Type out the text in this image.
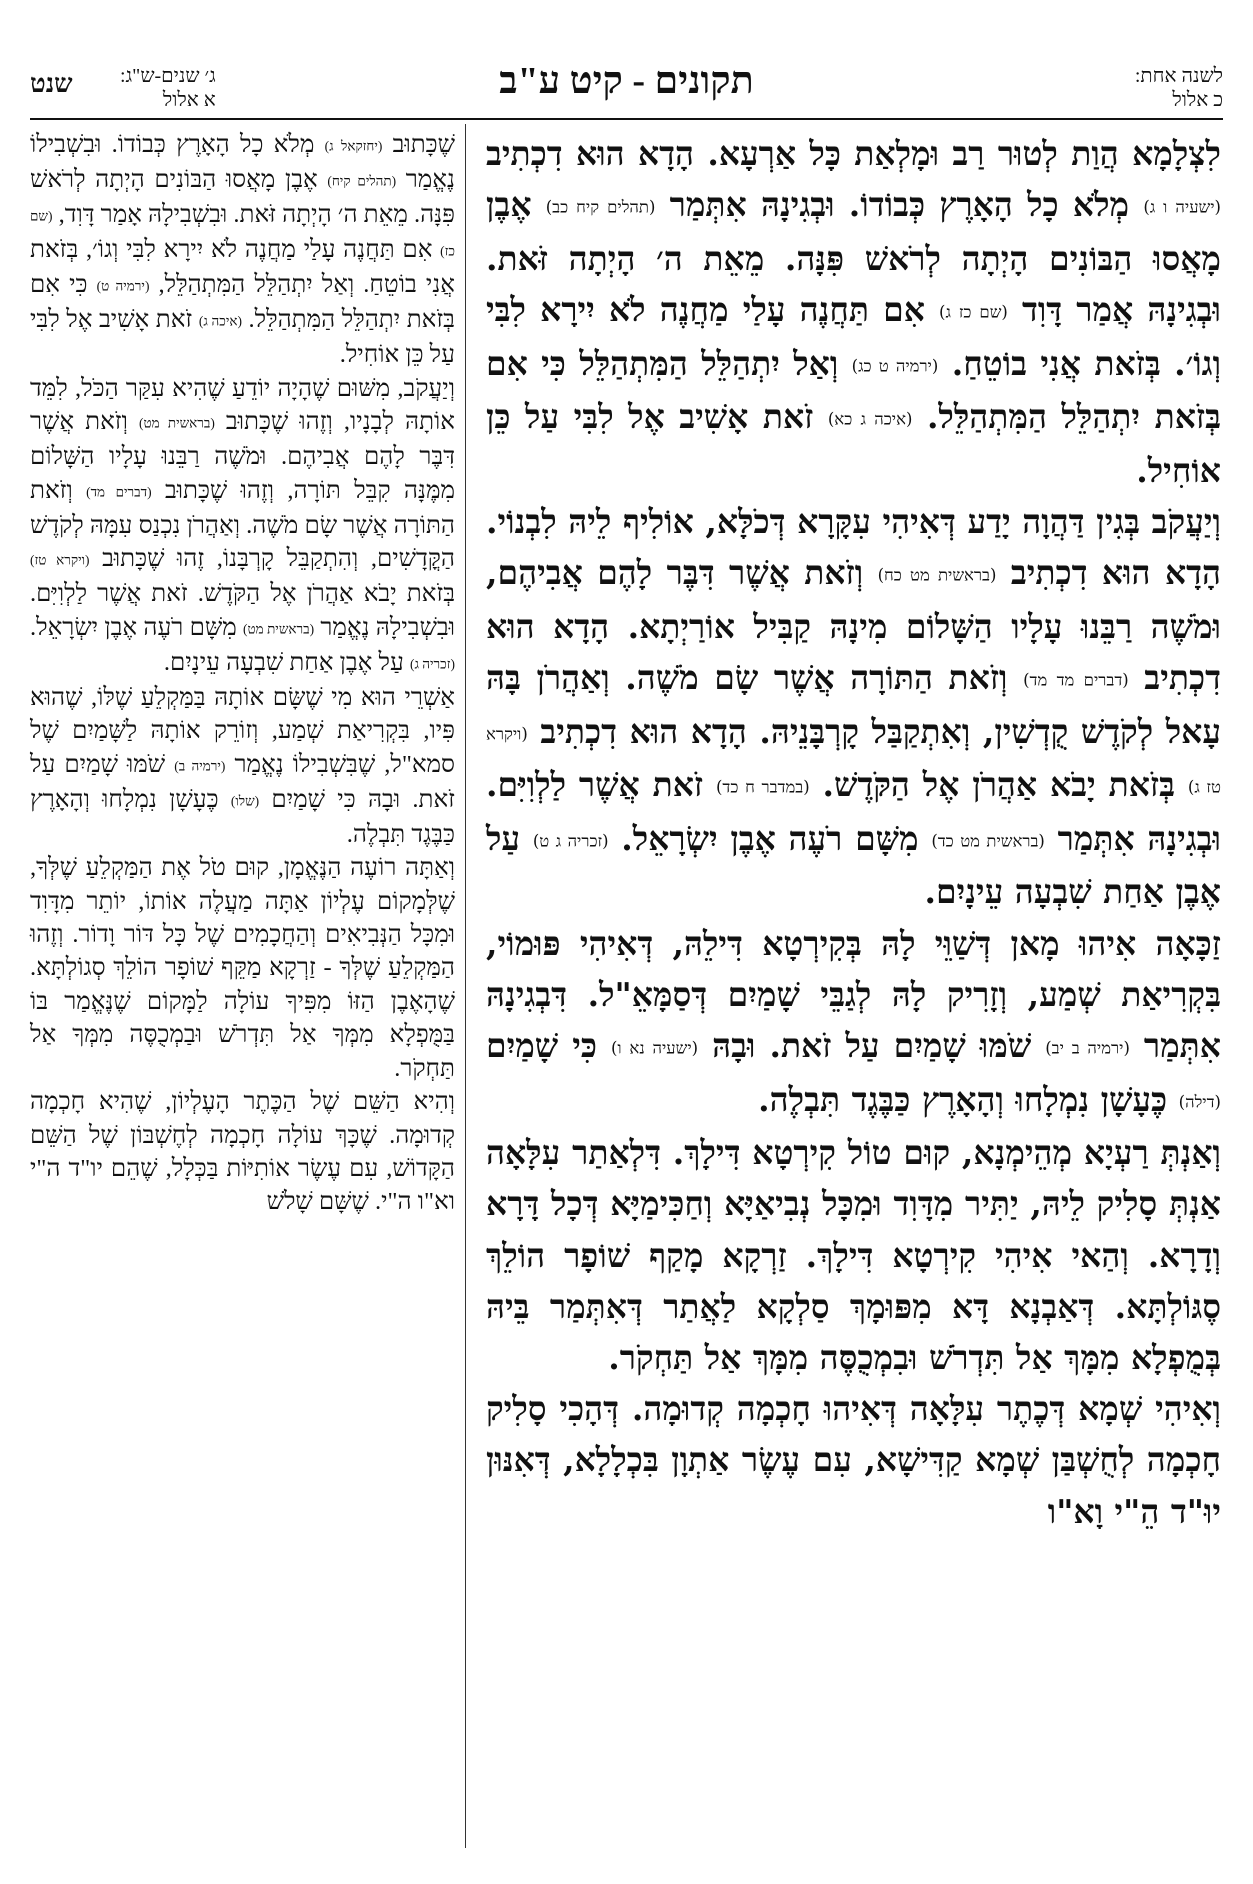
לשנה אחת:
כ אלול
תקונים - קיט ע"ב
ג׳ שנים-ש"ג:
א אלול
שנט

לִצְלָמָא הֲוַת לְטוּר רַב וּמָלְאַת כָּל אַרְעָא. הָדָא הוּא דִכְתִיב (ישעיה ו ג) מְלֹא כָל הָאָרֶץ כְּבוֹדוֹ. וּבְגִינָהּ אִתְּמַר (תהלים קיח כב) אֶבֶן מָאֲסוּ הַבּוֹנִים הָיְתָה לְרֹאשׁ פִּנָּה. מֵאֵת ה׳ הָיְתָה זֹּאת. וּבְגִינָהּ אֲמַר דָּוִד (שם כז ג) אִם תַּחֲנֶה עָלַי מַחֲנֶה לֹא יִירָא לִבִּי וְגוֹ׳. בְּזֹאת אֲנִי בוֹטֵחַ. (ירמיה ט כג) וְאַל יִתְהַלֵּל הַמִּתְהַלֵּל כִּי אִם בְּזֹאת יִתְהַלֵּל הַמִּתְהַלֵּל. (איכה ג כא) זֹאת אָשִׁיב אֶל לִבִּי עַל כֵּן אוֹחִיל.

וְיַעֲקֹב בְּגִין דַּהֲוָה יָדַע דְּאִיהִי עִקָּרָא דְּכֹלָּא, אוֹלִיף לֵיהּ לִבְנוֹי. הָדָא הוּא דִכְתִיב (בראשית מט כח) וְזֹאת אֲשֶׁר דִּבֶּר לָהֶם אֲבִיהֶם, וּמֹשֶׁה רַבֵּנוּ עָלָיו הַשָּׁלוֹם מִינָהּ קַבִּיל אוֹרַיְתָא. הָדָא הוּא דִכְתִיב (דברים מד מד) וְזֹאת הַתּוֹרָה אֲשֶׁר שָׂם מֹשֶׁה. וְאַהֲרֹן בָּהּ עָאל לְקֹדֶשׁ קֻדְשִׁין, וְאִתְקַבַּל קָרְבָּנֵיהּ. הָדָא הוּא דִכְתִיב (ויקרא טז ג) בְּזֹאת יָבֹא אַהֲרֹן אֶל הַקֹּדֶשׁ. (במדבר ח כד) זֹאת אֲשֶׁר לַלְוִיִּם. וּבְגִינָהּ אִתְּמַר (בראשית מט כד) מִשָּׁם רֹעֶה אֶבֶן יִשְׂרָאֵל. (זכריה ג ט) עַל אֶבֶן אַחַת שִׁבְעָה עֵינָיִם.

זַכָּאָה אִיהוּ מָאן דְּשַׁוֵּי לָהּ בְּקִירְטָא דִּילֵהּ, דְּאִיהִי פּוּמוֹי, בִּקְרִיאַת שְׁמַע, וְזָרִיק לָהּ לְגַבֵּי שָׁמַיִם דְּסַמָּאֵ"ל. דִּבְגִינָהּ אִתְּמַר (ירמיה ב יב) שֹׁמּוּ שָׁמַיִם עַל זֹאת. וּבָהּ (ישעיה נא ו) כִּי שָׁמַיִם (דילה) כֶּעָשָׁן נִמְלָחוּ וְהָאָרֶץ כַּבֶּגֶד תִּבְלֶה.

וְאַנְתְּ רַעְיָא מְהֵימְנָא, קוּם טוֹל קִירְטָא דִּילָךְ. דִּלְאַתַר עִלָּאָה אַנְתְּ סָלִיק לֵיהּ, יַתִּיר מִדָּוִד וּמִכָּל נְבִיאַיָּא וְחַכִּימַיָּא דְּכָל דָּרָא וְדָרָא. וְהַאי אִיהִי קִירְטָא דִּילָךְ. זַרְקָא מָקַף שׁוֹפָר הוֹלֵךְ סֶגּוֹלְתָּא. דְּאַבְנָא דָּא מִפּוּמָךְ סַלְקָא לַאֲתַר דְּאִתְּמַר בֵּיהּ בְּמֻפְלָא מִמָּךְ אַל תִּדְרֹשׁ וּבִמְכֻסֶּה מִמָּךְ אַל תַּחְקֹר.

וְאִיהִי שְׁמָא דְּכֶתֶר עִלָּאָה דְּאִיהוּ חָכְמָה קְדוּמָה. דְּהָכִי סָלִיק חָכְמָה לְחֻשְׁבַּן שְׁמָא קַדִּישָׁא, עִם עֶשֶׂר אַתְוָן בִּכְלָלָא, דְּאִנּוּן יוּ"ד הֵ"י וָא"ו

שֶׁכָּתוּב (יחזקאל ג) מְלֹא כָל הָאָרֶץ כְּבוֹדוֹ. וּבִשְׁבִילוֹ נֶאֱמַר (תהלים קיח) אֶבֶן מָאֲסוּ הַבּוֹנִים הָיְתָה לְרֹאשׁ פִּנָּה. מֵאֵת ה׳ הָיְתָה זֹּאת. וּבִשְׁבִילָהּ אָמַר דָּוִד, (שם כז) אִם תַּחֲנֶה עָלַי מַחֲנֶה לֹא יִירָא לִבִּי וְגוֹ׳, בְּזֹאת אֲנִי בוֹטֵחַ. וְאַל יִתְהַלֵּל הַמִּתְהַלֵּל, (ירמיה ט) כִּי אִם בְּזֹאת יִתְהַלֵּל הַמִּתְהַלֵּל. (איכה ג) זֹאת אָשִׁיב אֶל לִבִּי עַל כֵּן אוֹחִיל.

וְיַעֲקֹב, מִשּׁוּם שֶׁהָיָה יוֹדֵעַ שֶׁהִיא עִקַּר הַכֹּל, לִמֵּד אוֹתָהּ לְבָנָיו, וְזֶהוּ שֶׁכָּתוּב (בראשית מט) וְזֹאת אֲשֶׁר דִּבֶּר לָהֶם אֲבִיהֶם. וּמֹשֶׁה רַבֵּנוּ עָלָיו הַשָּׁלוֹם מִמֶּנָּה קִבֵּל תּוֹרָה, וְזֶהוּ שֶׁכָּתוּב (דברים מד) וְזֹאת הַתּוֹרָה אֲשֶׁר שָׂם מֹשֶׁה. וְאַהֲרֹן נִכְנַס עִמָּהּ לְקֹדֶשׁ הַקֳּדָשִׁים, וְהִתְקַבֵּל קָרְבָּנוֹ, זֶהוּ שֶׁכָּתוּב (ויקרא טז) בְּזֹאת יָבֹא אַהֲרֹן אֶל הַקֹּדֶשׁ. זֹאת אֲשֶׁר לַלְוִיִּם. וּבִשְׁבִילָהּ נֶאֱמַר (בראשית מט) מִשָּׁם רֹעֶה אֶבֶן יִשְׂרָאֵל. (זכריה ג) עַל אֶבֶן אַחַת שִׁבְעָה עֵינָיִם.

אַשְׁרֵי הוּא מִי שֶׁשָּׂם אוֹתָהּ בַּמַּקְלֵעַ שֶׁלּוֹ, שֶׁהוּא פִּיו, בִּקְרִיאַת שְׁמַע, וְזוֹרֵק אוֹתָהּ לַשָּׁמַיִם שֶׁל סמא"ל, שֶׁבִּשְׁבִילוֹ נֶאֱמַר (ירמיה ב) שֹׁמּוּ שָׁמַיִם עַל זֹאת. וּבָהּ כִּי שָׁמַיִם (שלו) כֶּעָשָׁן נִמְלָחוּ וְהָאָרֶץ כַּבֶּגֶד תִּבְלֶה.

וְאַתָּה רוֹעֶה הַנֶּאֱמָן, קוּם טֹל אֶת הַמַּקְלֵעַ שֶׁלְּךָ, שֶׁלְּמָקוֹם עֶלְיוֹן אַתָּה מַעֲלֶה אוֹתוֹ, יוֹתֵר מִדָּוִד וּמִכָּל הַנְּבִיאִים וְהַחֲכָמִים שֶׁל כָּל דּוֹר וָדוֹר. וְזֶהוּ הַמַּקְלֵעַ שֶׁלְּךָ - זַרְקָא מַקֵּף שׁוֹפָר הוֹלֵךְ סְגוֹלְתָּא. שֶׁהָאֶבֶן הַזּוֹ מִפִּיךָ עוֹלָה לַמָּקוֹם שֶׁנֶּאֱמַר בּוֹ בַּמֻּפְלָא מִמְּךָ אַל תִּדְרֹשׁ וּבַמְכֻסֶּה מִמְּךָ אַל תַּחְקֹר.

וְהִיא הַשֵּׁם שֶׁל הַכֶּתֶר הָעֶלְיוֹן, שֶׁהִיא חָכְמָה קְדוּמָה. שֶׁכָּךְ עוֹלָה חָכְמָה לְחֶשְׁבּוֹן שֶׁל הַשֵּׁם הַקָּדוֹשׁ, עִם עֶשֶׂר אוֹתִיּוֹת בַּכְּלָל, שֶׁהֵם יו"ד ה"י וא"ו ה"י. שֶׁשָּׁם שָׁלֹשׁ
